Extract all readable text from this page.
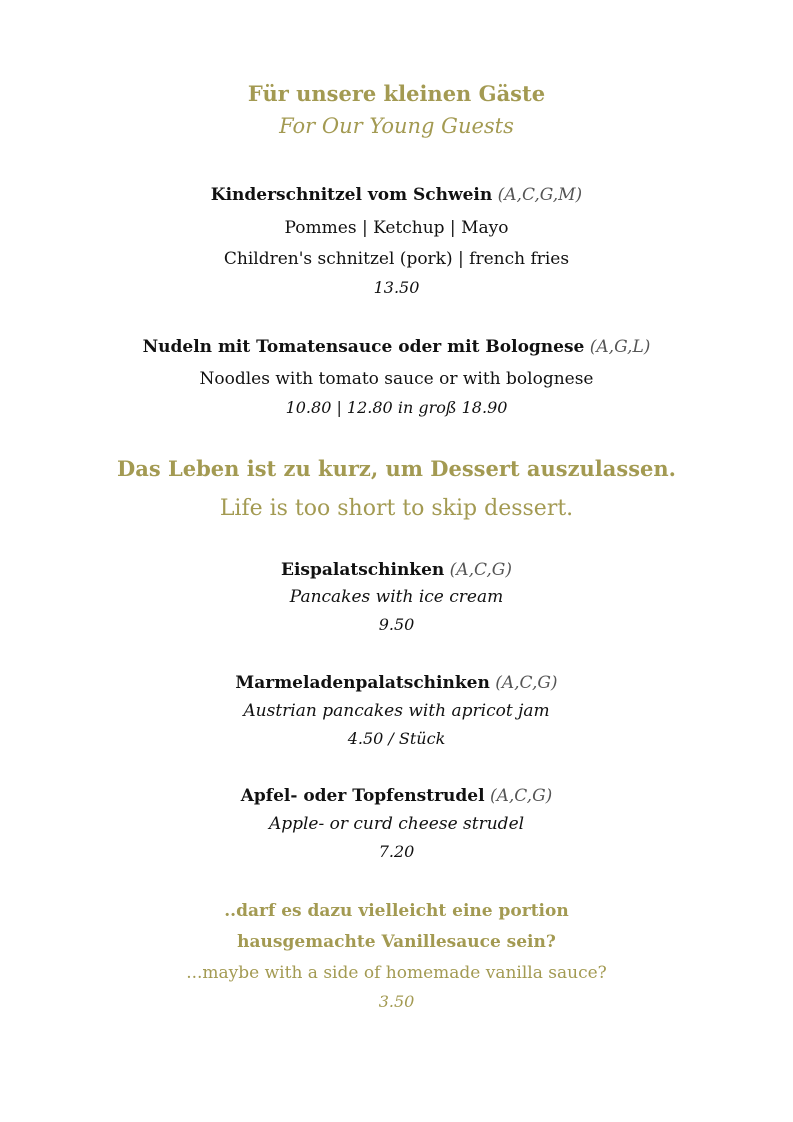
Für unsere kleinen Gäste
For Our Young Guests
Kinderschnitzel vom Schwein (A,C,G,M)
Pommes | Ketchup | Mayo
Children's schnitzel (pork) | french fries
13.50
Nudeln mit Tomatensauce oder mit Bolognese (A,G,L)
Noodles with tomato sauce or with bolognese
10.80 | 12.80 in groß 18.90
Das Leben ist zu kurz, um Dessert auszulassen.
Life is too short to skip dessert.
Eispalatschinken (A,C,G)
Pancakes with ice cream
9.50
Marmeladenpalatschinken (A,C,G)
Austrian pancakes with apricot jam
4.50 / Stück
Apfel- oder Topfenstrudel (A,C,G)
Apple- or curd cheese strudel
7.20
..darf es dazu vielleicht eine portion
hausgemachte Vanillesauce sein?
...maybe with a side of homemade vanilla sauce?
3.50
